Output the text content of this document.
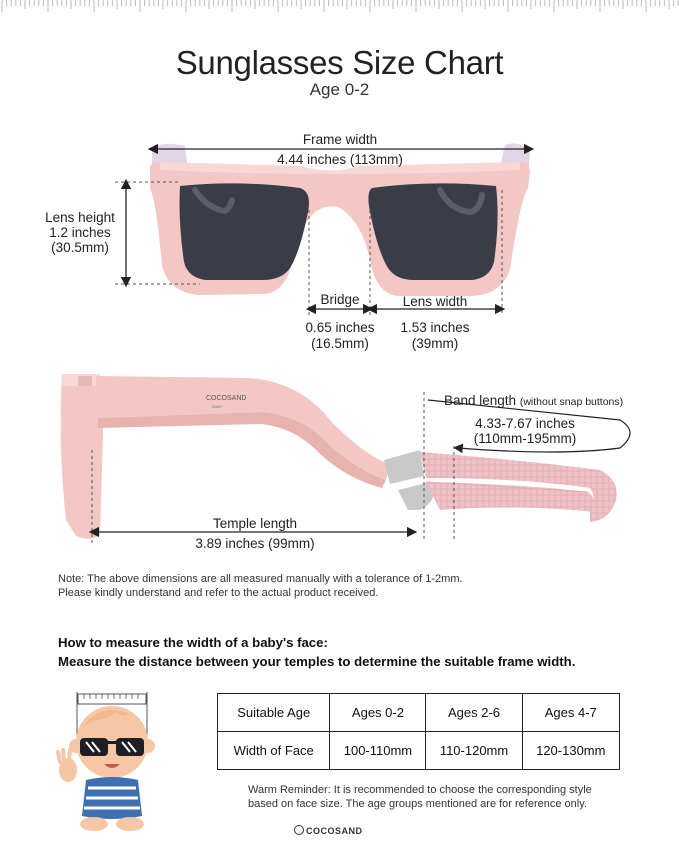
Sunglasses Size Chart
Age 0-2
Frame width
4.44 inches (113mm)
Lens height
1.2 inches
(30.5mm)
Bridge
0.65 inches
(16.5mm)
Lens width
1.53 inches
(39mm)
COCOSAND
BABY	Band length (without snap buttons)
4.33-7.67 inches
(110mm-195mm)
Temple length
3.89 inches (99mm)
Note: The above dimensions are all measured manually with a tolerance of 1-2mm.
Please kindly understand and refer to the actual product received.
How to measure the width of a baby's face:
Measure the distance between your temples to determine the suitable frame width.
Suitable Age	Ages 0-2	Ages 2-6	Ages 4-7
Width of Face	100-110mm	110-120mm	120-130mm
Warm Reminder: It is recommended to choose the corresponding style
based on face size. The age groups mentioned are for reference only.
COCOSAND
